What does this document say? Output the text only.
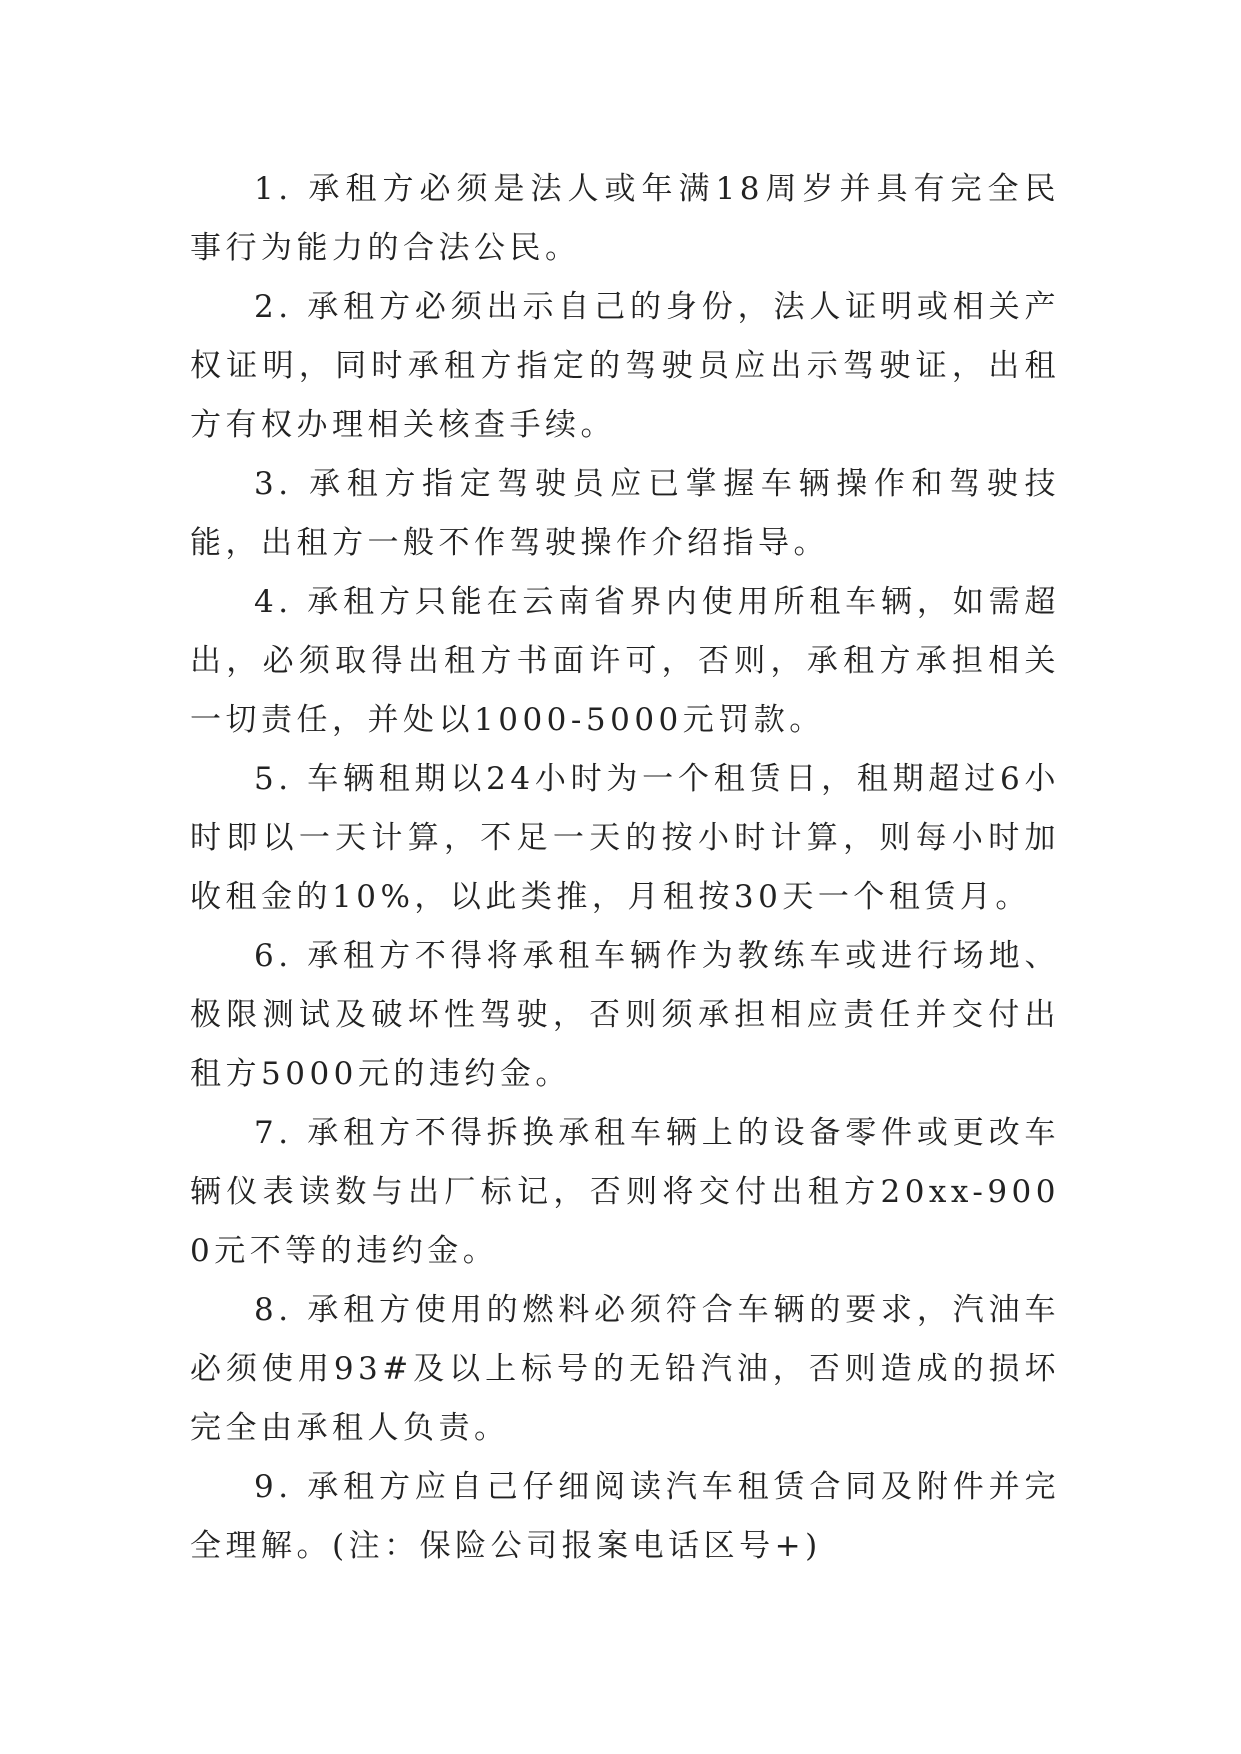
1. 承租方必须是法人或年满18周岁并具有完全民事行为能力的合法公民。

2. 承租方必须出示自己的身份，法人证明或相关产权证明，同时承租方指定的驾驶员应出示驾驶证，出租方有权办理相关核查手续。

3. 承租方指定驾驶员应已掌握车辆操作和驾驶技能，出租方一般不作驾驶操作介绍指导。

4. 承租方只能在云南省界内使用所租车辆，如需超出，必须取得出租方书面许可，否则，承租方承担相关一切责任，并处以1000-5000元罚款。

5. 车辆租期以24小时为一个租赁日，租期超过6小时即以一天计算，不足一天的按小时计算，则每小时加收租金的10%，以此类推，月租按30天一个租赁月。

6. 承租方不得将承租车辆作为教练车或进行场地、极限测试及破坏性驾驶，否则须承担相应责任并交付出租方5000元的违约金。

7. 承租方不得拆换承租车辆上的设备零件或更改车辆仪表读数与出厂标记，否则将交付出租方20xx-9000元不等的违约金。

8. 承租方使用的燃料必须符合车辆的要求，汽油车必须使用93#及以上标号的无铅汽油，否则造成的损坏完全由承租人负责。

9. 承租方应自己仔细阅读汽车租赁合同及附件并完全理解。(注：保险公司报案电话区号+)
